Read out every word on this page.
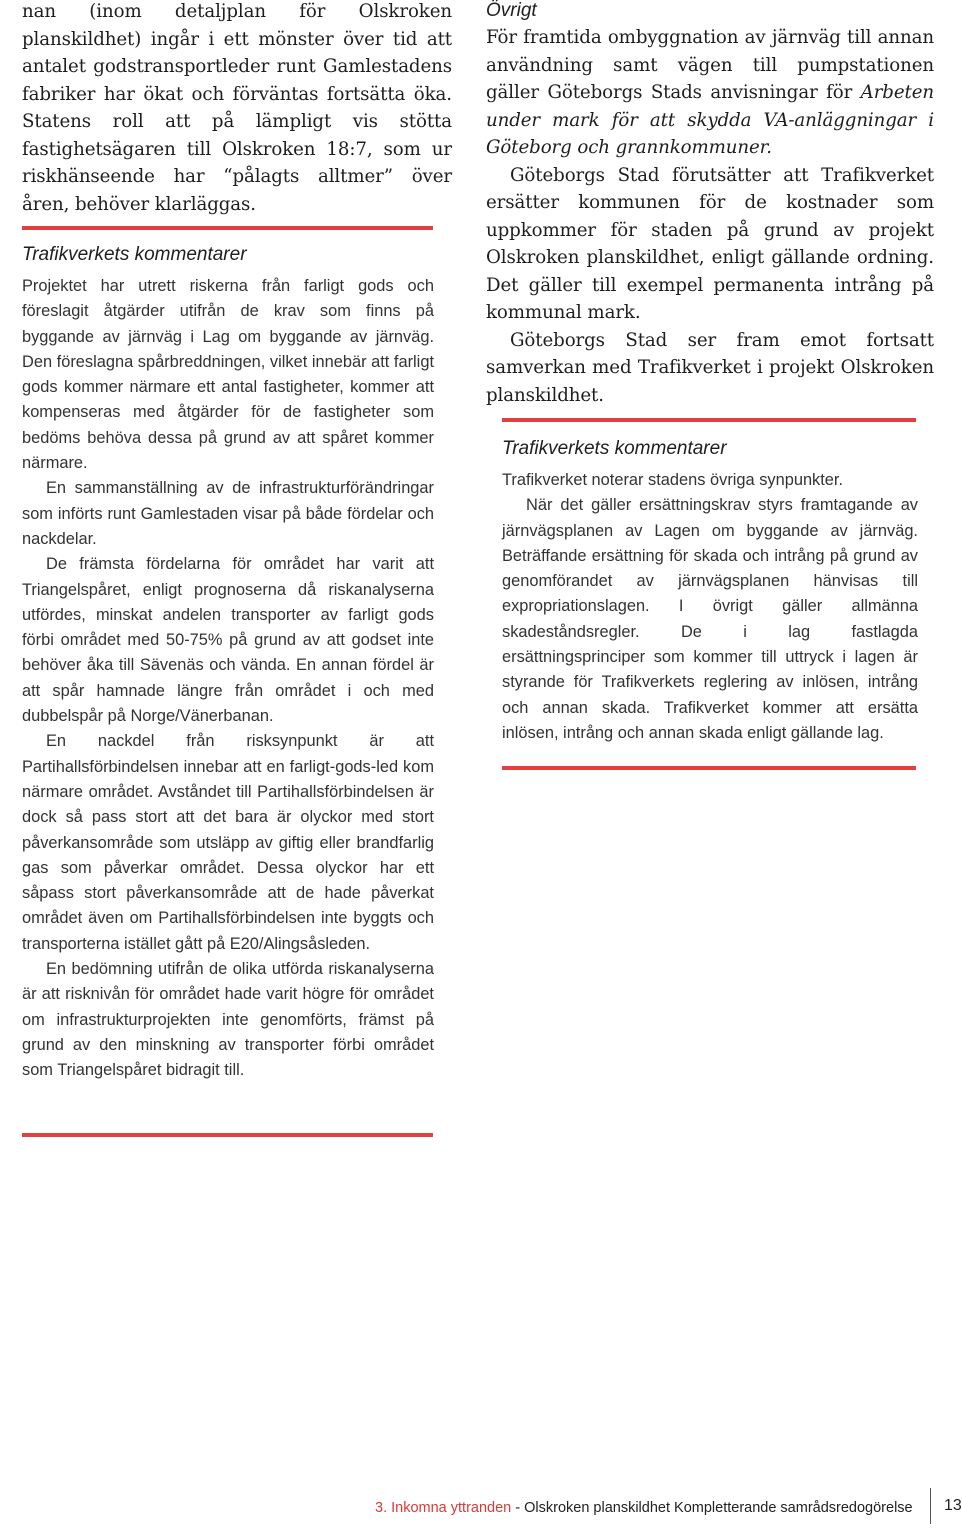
nan (inom detaljplan för Olskroken planskildhet) ingår i ett mönster över tid att antalet godstransportleder runt Gamlestadens fabriker har ökat och förväntas fortsätta öka. Statens roll att på lämpligt vis stötta fastighetsägaren till Olskroken 18:7, som ur riskhänseende har “pålagts alltmer” över åren, behöver klarläggas.

Trafikverkets kommentarer

Projektet har utrett riskerna från farligt gods och föreslagit åtgärder utifrån de krav som finns på byggande av järnväg i Lag om byggande av järnväg. Den föreslagna spårbreddningen, vilket innebär att farligt gods kommer närmare ett antal fastigheter, kommer att kompenseras med åtgärder för de fastigheter som bedöms behöva dessa på grund av att spåret kommer närmare.

En sammanställning av de infrastrukturförändringar som införts runt Gamlestaden visar på både fördelar och nackdelar.

De främsta fördelarna för området har varit att Triangelspåret, enligt prognoserna då riskanalyserna utfördes, minskat andelen transporter av farligt gods förbi området med 50-75% på grund av att godset inte behöver åka till Sävenäs och vända. En annan fördel är att spår hamnade längre från området i och med dubbelspår på Norge/Vänerbanan.

En nackdel från risksynpunkt är att Partihallsförbindelsen innebar att en farligt-gods-led kom närmare området. Avståndet till Partihallsförbindelsen är dock så pass stort att det bara är olyckor med stort påverkansområde som utsläpp av giftig eller brandfarlig gas som påverkar området. Dessa olyckor har ett såpass stort påverkansområde att de hade påverkat området även om Partihallsförbindelsen inte byggts och transporterna istället gått på E20/Alingsåsleden.

En bedömning utifrån de olika utförda riskanalyserna är att risknivån för området hade varit högre för området om infrastrukturprojekten inte genomförts, främst på grund av den minskning av transporter förbi området som Triangelspåret bidragit till.

Övrigt

För framtida ombyggnation av järnväg till annan användning samt vägen till pumpstationen gäller Göteborgs Stads anvisningar för Arbeten under mark för att skydda VA-anläggningar i Göteborg och grannkommuner.

Göteborgs Stad förutsätter att Trafikverket ersätter kommunen för de kostnader som uppkommer för staden på grund av projekt Olskroken planskildhet, enligt gällande ordning. Det gäller till exempel permanenta intrång på kommunal mark.

Göteborgs Stad ser fram emot fortsatt samverkan med Trafikverket i projekt Olskroken planskildhet.

Trafikverkets kommentarer

Trafikverket noterar stadens övriga synpunkter.

När det gäller ersättningskrav styrs framtagande av järnvägsplanen av Lagen om byggande av järnväg. Beträffande ersättning för skada och intrång på grund av genomförandet av järnvägsplanen hänvisas till expropriationslagen. I övrigt gäller allmänna skadeståndsregler. De i lag fastlagda ersättningsprinciper som kommer till uttryck i lagen är styrande för Trafikverkets reglering av inlösen, intrång och annan skada. Trafikverket kommer att ersätta inlösen, intrång och annan skada enligt gällande lag.

3. Inkomna yttranden - Olskroken planskildhet Kompletterande samrådsredogörelse 13
